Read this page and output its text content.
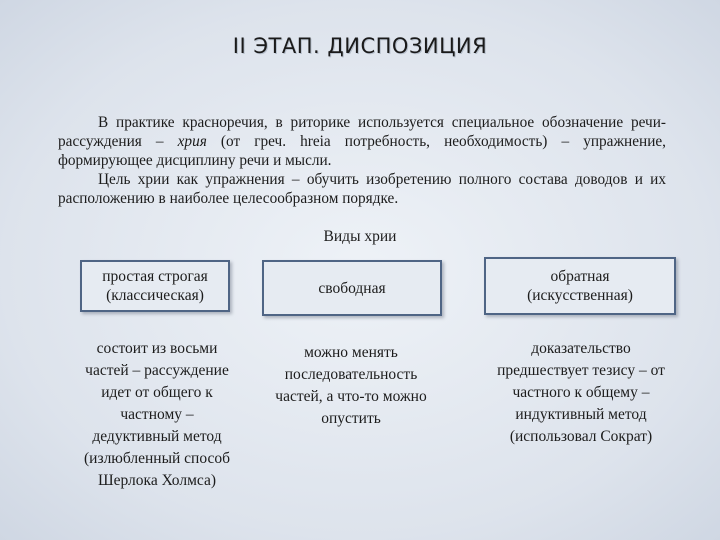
II ЭТАП. ДИСПОЗИЦИЯ

В практике красноречия, в риторике используется специальное обозначение речи-рассуждения – хрия (от греч. hreia потребность, необходимость) – упражнение, формирующее дисциплину речи и мысли.

Цель хрии как упражнения – обучить изобретению полного состава доводов и их расположению в наиболее целесообразном порядке.

Виды хрии
простая строгая
(классическая)	свободная
обратная
(искусственная)
состоит из восьми
частей – рассуждение
идет от общего к
частному –
дедуктивный метод
(излюбленный способ
Шерлока Холмса)
можно менять
последовательность
частей, а что-то можно
опустить
доказательство
предшествует тезису – от
частного к общему –
индуктивный метод
(использовал Сократ)
